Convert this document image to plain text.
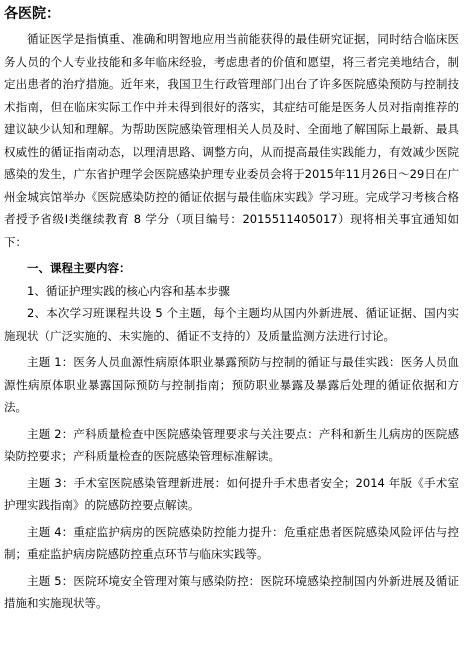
各医院：

循证医学是指慎重、准确和明智地应用当前能获得的最佳研究证据，同时结合临床医务人员的个人专业技能和多年临床经验，考虑患者的价值和愿望，将三者完美地结合，制定出患者的治疗措施。近年来，我国卫生行政管理部门出台了许多医院感染预防与控制技术指南，但在临床实际工作中并未得到很好的落实，其症结可能是医务人员对指南推荐的建议缺少认知和理解。为帮助医院感染管理相关人员及时、全面地了解国际上最新、最具权威性的循证指南动态，以理清思路、调整方向，从而提高最佳实践能力，有效减少医院感染的发生，广东省护理学会医院感染护理专业委员会将于2015年11月26日～29日在广州金城宾馆举办《医院感染防控的循证依据与最佳临床实践》学习班。完成学习考核合格者授予省级Ⅰ类继续教育 8 学分（项目编号：2015511405017）现将相关事宜通知如下：

一、课程主要内容：

1、循证护理实践的核心内容和基本步骤

2、本次学习班课程共设 5 个主题，每个主题均从国内外新进展、循证证据、国内实施现状（广泛实施的、未实施的、循证不支持的）及质量监测方法进行讨论。

主题 1：医务人员血源性病原体职业暴露预防与控制的循证与最佳实践：医务人员血源性病原体职业暴露国际预防与控制指南；预防职业暴露及暴露后处理的循证依据和方法。

主题 2：产科质量检查中医院感染管理要求与关注要点：产科和新生儿病房的医院感染防控要求；产科质量检查的医院感染管理标准解读。

主题 3：手术室医院感染管理新进展：如何提升手术患者安全；2014 年版《手术室护理实践指南》的院感防控要点解读。

主题 4：重症监护病房的医院感染防控能力提升：危重症患者医院感染风险评估与控制；重症监护病房院感防控重点环节与临床实践等。

主题 5：医院环境安全管理对策与感染防控：医院环境感染控制国内外新进展及循证措施和实施现状等。
